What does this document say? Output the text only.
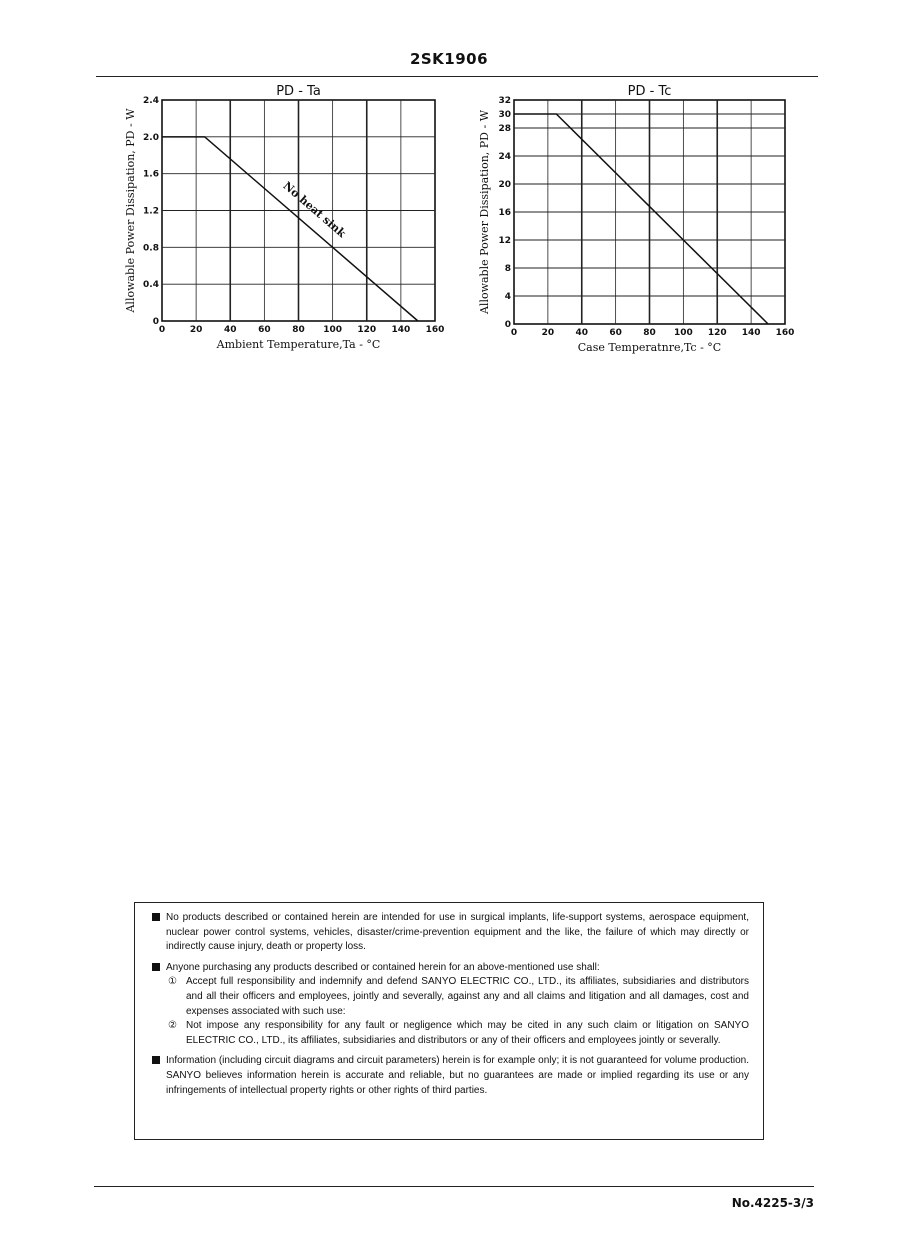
2SK1906
0
0.4
0.8
1.2
1.6
2.0
2.4
0	20 40 60 80 100 120 140 160
PD - Ta
Ambient Temperature,Ta - °C
Allowable Power Dissipation, PD - W	No heat sink
0
4
8
12
16
20
24
28
30
32
0	20 40 60 80 100 120 140 160
PD - Tc
Case Temperatnre,Tc - °C
Allowable Power Dissipation, PD - W
No products described or contained herein are intended for use in surgical implants, life-support systems, aerospace equipment, nuclear power control systems, vehicles, disaster/crime-prevention equipment and the like, the failure of which may directly or indirectly cause injury, death or property loss.
Anyone purchasing any products described or contained herein for an above-mentioned use shall:
① Accept full responsibility and indemnify and defend SANYO ELECTRIC CO., LTD., its affiliates, subsidiaries and distributors and all their officers and employees, jointly and severally, against any and all claims and litigation and all damages, cost and expenses associated with such use:
② Not impose any responsibility for any fault or negligence which may be cited in any such claim or litigation on SANYO ELECTRIC CO., LTD., its affiliates, subsidiaries and distributors or any of their officers and employees jointly or severally.
Information (including circuit diagrams and circuit parameters) herein is for example only; it is not guaranteed for volume production. SANYO believes information herein is accurate and reliable, but no guarantees are made or implied regarding its use or any infringements of intellectual property rights or other rights of third parties.
No.4225-3/3
